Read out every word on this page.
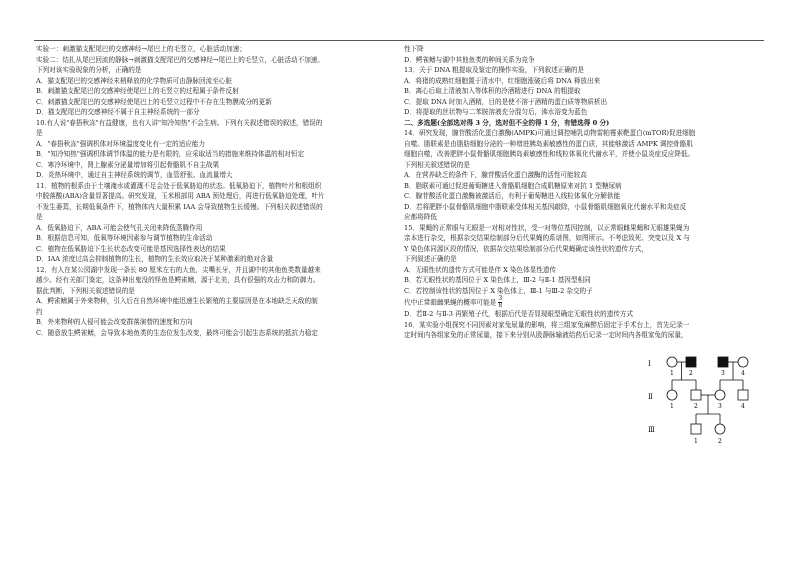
实验一：刺激猫支配尾巴的交感神经→尾巴上的毛竖立，心脏活动加速；
实验二：结扎从尾巴回流的静脉→刺激猫支配尾巴的交感神经→尾巴上的毛竖立，心脏活动不加速。
下列对该实验现象的分析，正确的是
A．猫支配尾巴的交感神经末梢释放的化学物质可由静脉回流至心脏
B．刺激猫支配尾巴的交感神经使尾巴上的毛竖立的过程属于条件反射
C．刺激猫支配尾巴的交感神经使尾巴上的毛竖立过程中不存在生物膜成分的更新
D．猫支配尾巴的交感神经不属于自主神经系统的一部分
10.有人说"春捂秋冻"有益健康，也有人讲"知冷知热"不会生病。下列有关叙述错误的叙述，错误的
是
A．"春捂秋冻"强调机体对环境温度变化有一定的适应能力
B．"知冷知热"强调机体调节体温的能力是有限的，应采取适当的措施来维持体温的相对恒定
C．寒冷环境中，肾上腺素分泌量增加将引起骨骼肌不自主战栗
D．炎热环境中，通过自主神经系统的调节，血管舒张、血流量增大
11．植物的根系由于土壤淹水或灌溉不足会处于低氧胁迫的状态。低氧胁迫下，植物叶片和根组织
中脱落酸(ABA)含量显著提高。研究发现，玉米根部用 ABA 预处理后，再进行低氧胁迫处理，叶片
不发生萎蔫，长期低氧条件下，植物体内大量积累 IAA 会导致植物生长缓慢。下列相关叙述错误的
是
A．低氧胁迫下，ABA 可能会使气孔关闭来降低蒸腾作用
B．根据信息可知，低氧等环境因素参与调节植物的生命活动
C．植物在低氧胁迫下生长状态改变可能是基因选择性表达的结果
D．IAA 浓度过高会抑制植物的生长，植物的生长效应取决于某种激素的绝对含量
12．有人在某公园湖中发现一条长 80 厘米左右的大鱼，尖嘴长牙，并且湖中的其他鱼类数量越来
越少。经有关部门鉴定，这条神出鬼没的怪鱼是鳄雀鳝，源于北美，具有很强的攻击力和防御力。
据此判断，下列相关叙述错误的是
A．鳄雀鳝属于外来物种，引入后在自然环境中能迅速生长繁殖的主要原因是在本地缺乏天敌的制
约
B．外来物种的人侵可能会改变群落演替的速度和方向
C．随意放生鳄雀鳝，会导致本地鱼类的生态位发生改变，最终可能会引起生态系统的抵抗力稳定
性下降
D．鳄雀鳝与湖中其他鱼类的种间关系为竞争
13．关于 DNA 粗提取及鉴定的操作实验，下列叙述正确的是
A．将猪的成熟红细胞置于清水中，红细胞涨破后将 DNA 释放出来
B．离心后取上清液加入等体积的冷酒精进行 DNA 的粗提取
C．提取 DNA 时加入酒精，目的是使不溶于酒精的蛋白质等物质析出
D．将提取的丝状物与二苯胺溶液充分混匀后，沸水浴变为蓝色
二、多选题(全部选对得 3 分，选对但不全的得 1 分，有错选得 0 分)
14．研究发现，腺苷酸活化蛋白激酶(AMPK)可通过调控哺乳动物雷帕霉素靶蛋白(mTOR)促进细胞
自噬。脂联素是由脂肪细胞分泌的一种增进胰岛素敏感性的蛋白质，其能够激活 AMPK 调控骨骼肌
细胞自噬，改善肥胖小鼠骨骼肌细胞胰岛素敏感性和线粒体氧化代谢水平，并使小鼠炎症反应降低。
下列相关叙述错误的是
A．在营养缺乏的条件下，腺苷酸活化蛋白激酶的活性可能较高
B．脂联素可通过促进葡萄糖进入骨骼肌细胞合成肌糖原来对抗 1 型糖尿病
C．腺苷酸活化蛋白激酶被激活后，有利于葡萄糖进入线粒体氧化分解供能
D．若将肥胖小鼠骨骼肌细胞中脂联素受体相关基因敲除，小鼠骨骼肌细胞氧化代谢水平和炎症反
应都将降低
15．果蝇的正常眼与无眼是一对相对性状，受一对等位基因控制，以正常眼雌果蝇和无眼雄果蝇为
亲本进行杂交，根据杂交结果绘制部分后代果蝇的系谱图，如图所示。不考虑致死、突变以及 X 与
Y 染色体同源区段的情况，依据杂交结果绘制部分后代果蝇确定该性状的遗传方式，
下列叙述正确的是
A．无眼性状的遗传方式可能是伴 X 染色体显性遗传
B．若无眼性状的基因位于 X 染色体上，Ⅲ-2 与Ⅱ-1 基因型相同
C．若控制该性状的基因位于 X 染色体上，Ⅲ-1 与Ⅲ-2 杂交的子
代中正常眼雌果蝇的概率可能是 $\frac{3}{8}$
D．若Ⅱ-2 与Ⅱ-3 再繁殖子代，根据后代是否显现眼型确定无眼性状的遗传方式
16．某实验小组探究不同因素对家兔尿量的影响，将三组家兔麻醉后固定于手术台上，首先记录一
定时间内各组家兔的正常尿量，接下来分别从股静脉输液给药后记录一定时间内各组家兔的尿量，
Ⅰ
Ⅱ
Ⅲ
1	2	3	4
1	2	3	4
1	2
